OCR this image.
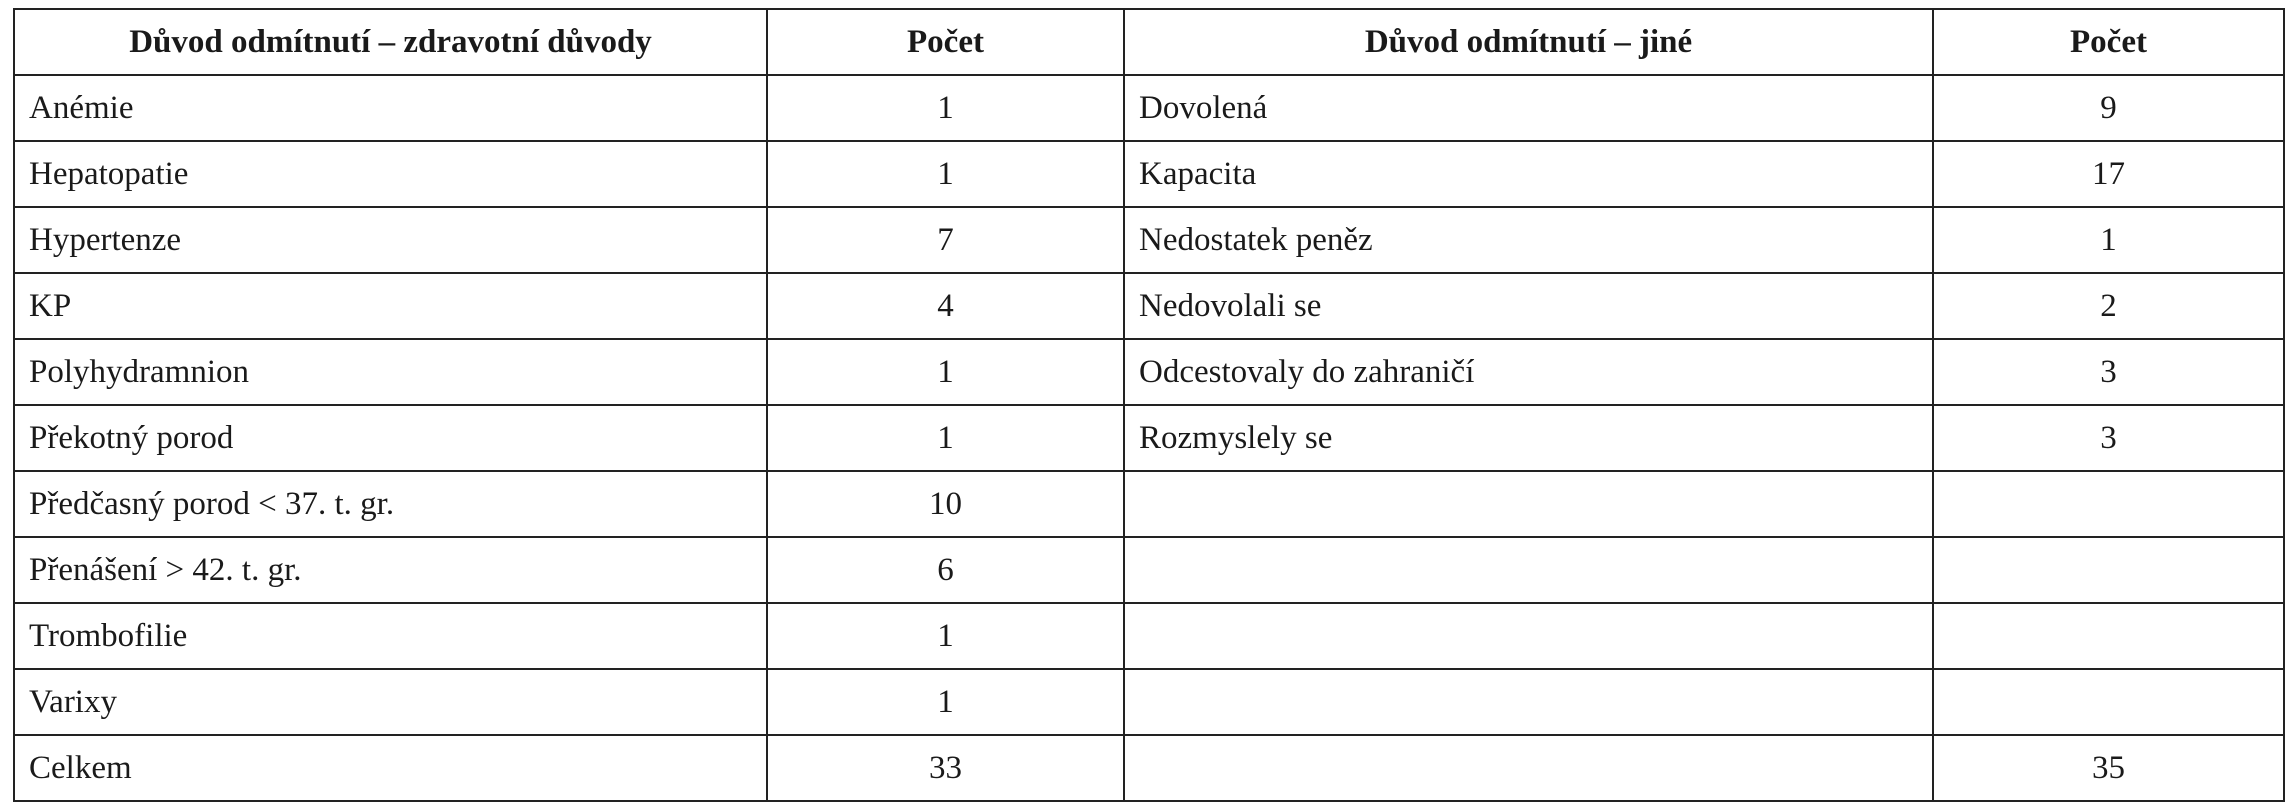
Důvod odmítnutí – zdravotní důvody	Počet	Důvod odmítnutí – jiné	Počet
Anémie	1	Dovolená	9
Hepatopatie	1	Kapacita	17
Hypertenze	7	Nedostatek peněz	1
KP	4	Nedovolali se	2
Polyhydramnion	1	Odcestovaly do zahraničí	3
Překotný porod	1	Rozmyslely se	3
Předčasný porod < 37. t. gr.	10		
Přenášení > 42. t. gr.	6		
Trombofilie	1		
Varixy	1		
Celkem	33		35
